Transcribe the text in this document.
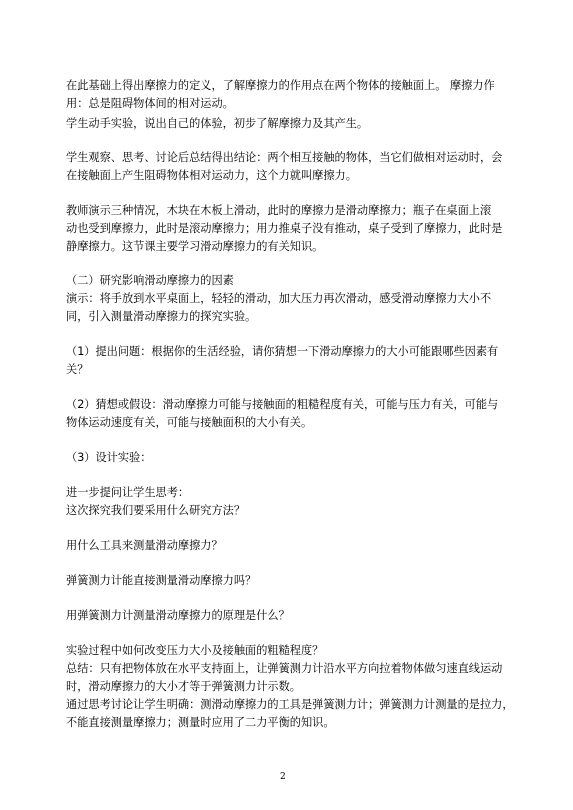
在此基础上得出摩擦力的定义，了解摩擦力的作用点在两个物体的接触面上。 摩擦力作
用：总是阻碍物体间的相对运动。
学生动手实验，说出自己的体验，初步了解摩擦力及其产生。
学生观察、思考、讨论后总结得出结论：两个相互接触的物体，当它们做相对运动时，会
在接触面上产生阻碍物体相对运动力，这个力就叫摩擦力。
教师演示三种情况，木块在木板上滑动，此时的摩擦力是滑动摩擦力；瓶子在桌面上滚
动也受到摩擦力，此时是滚动摩擦力；用力推桌子没有推动，桌子受到了摩擦力，此时是
静摩擦力。这节课主要学习滑动摩擦力的有关知识。
（二）研究影响滑动摩擦力的因素
演示：将手放到水平桌面上，轻轻的滑动，加大压力再次滑动，感受滑动摩擦力大小不
同，引入测量滑动摩擦力的探究实验。
（1）提出问题：根据你的生活经验，请你猜想一下滑动摩擦力的大小可能跟哪些因素有
关？
（2）猜想或假设：滑动摩擦力可能与接触面的粗糙程度有关，可能与压力有关，可能与
物体运动速度有关，可能与接触面积的大小有关。
（3）设计实验：
进一步提问让学生思考：
这次探究我们要采用什么研究方法？
用什么工具来测量滑动摩擦力？
弹簧测力计能直接测量滑动摩擦力吗？
用弹簧测力计测量滑动摩擦力的原理是什么？
实验过程中如何改变压力大小及接触面的粗糙程度？
总结：只有把物体放在水平支持面上，让弹簧测力计沿水平方向拉着物体做匀速直线运动
时，滑动摩擦力的大小才等于弹簧测力计示数。
通过思考讨论让学生明确：测滑动摩擦力的工具是弹簧测力计；弹簧测力计测量的是拉力，
不能直接测量摩擦力；测量时应用了二力平衡的知识。
2
